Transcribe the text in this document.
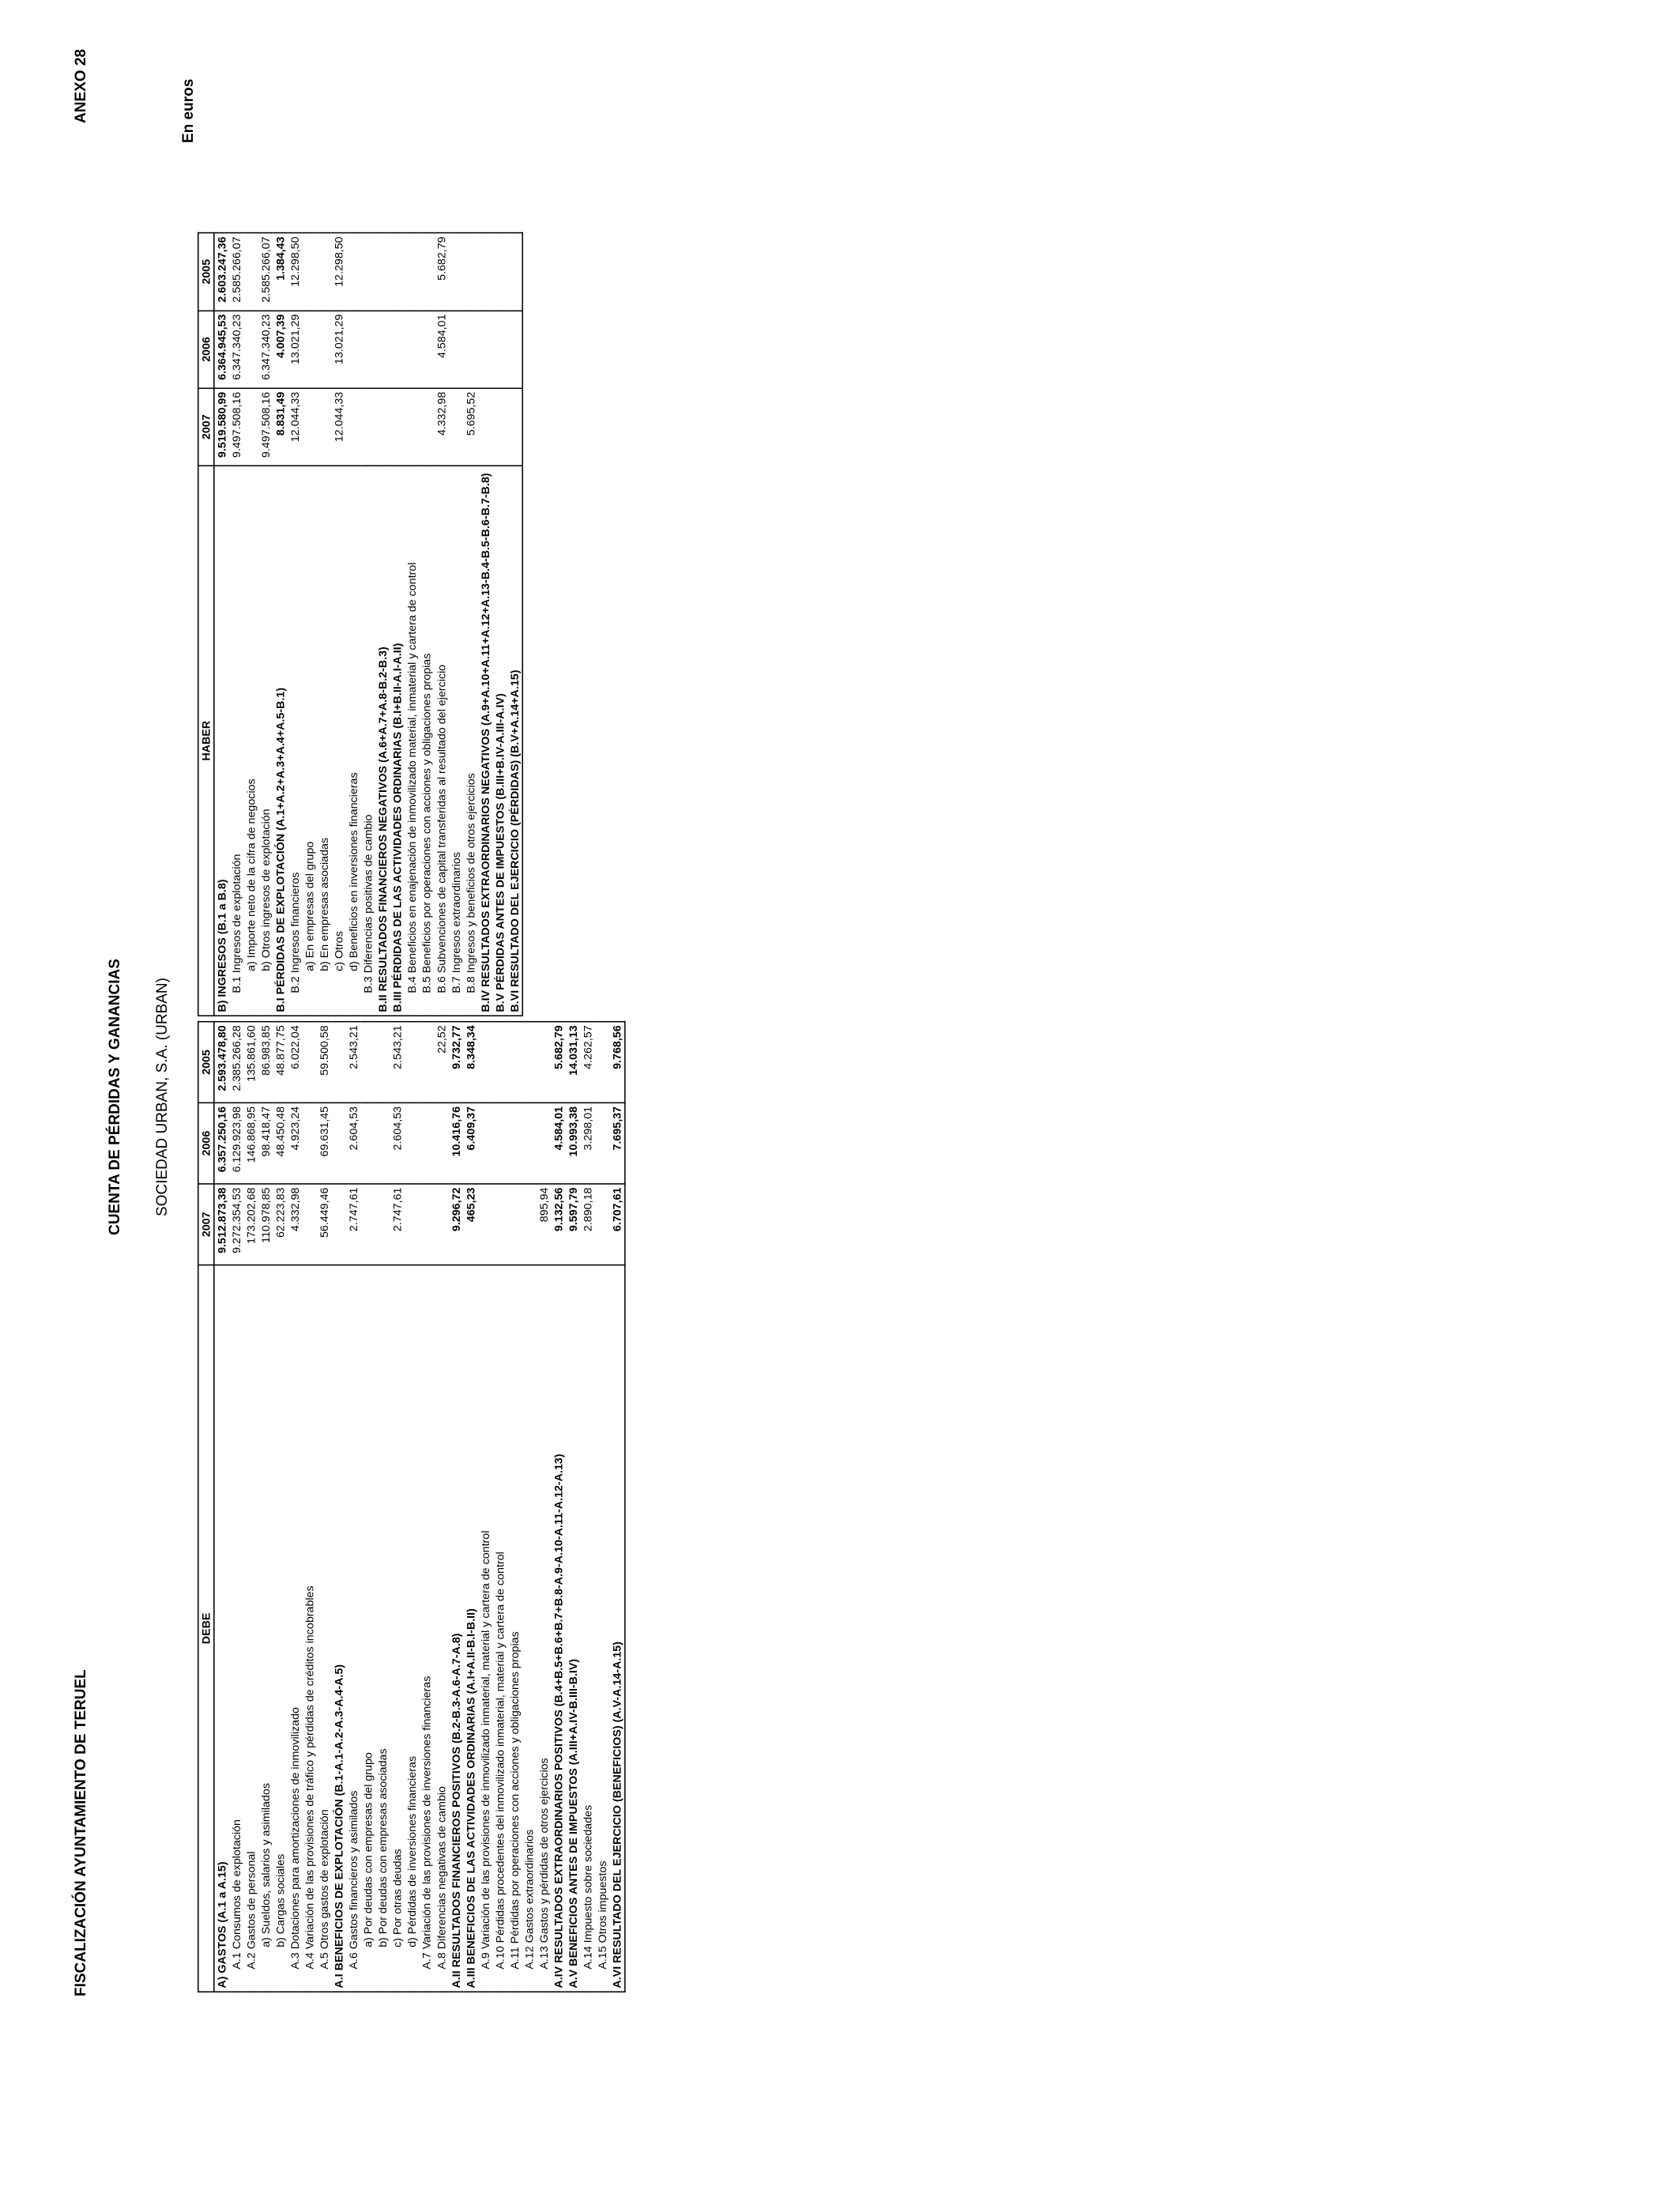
FISCALIZACIÓN AYUNTAMIENTO DE TERUEL
ANEXO 28
CUENTA DE PÉRDIDAS Y GANANCIAS SOCIEDAD URBAN, S.A. (URBAN)
En euros
DEBE	2007	2006	2005
A) GASTOS (A.1 a A.15)	9.512.873,38	6.357.250,16	2.593.478,80
A.1 Consumos de explotación	9.272.354,53	6.129.923,98	2.385.266,28
A.2 Gastos de personal	173.202,68	146.868,95	135.861,60
a) Sueldos, salarios y asimilados	110.978,85	98.418,47	86.983,85
b) Cargas sociales	62.223,83	48.450,48	48.877,75
A.3 Dotaciones para amortizaciones de inmovilizado	4.332,98	4.923,24	6.022,04
A.4 Variación de las provisiones de tráfico y pérdidas de créditos incobrables			
A.5 Otros gastos de explotación	56.449,46	69.631,45	59.500,58
A.I BENEFICIOS DE EXPLOTACIÓN (B.1-A.1-A.2-A.3-A.4-A.5)			
A.6 Gastos financieros y asimilados	2.747,61	2.604,53	2.543,21
a) Por deudas con empresas del grupo			
b) Por deudas con empresas asociadas			
c) Por otras deudas	2.747,61	2.604,53	2.543,21
d) Pérdidas de inversiones financieras			
A.7 Variación de las provisiones de inversiones financieras			
A.8 Diferencias negativas de cambio			22,52
A.II RESULTADOS FINANCIEROS POSITIVOS (B.2-B.3-A.6-A.7-A.8)	9.296,72	10.416,76	9.732,77
A.III BENEFICIOS DE LAS ACTIVIDADES ORDINARIAS (A.I+A.II-B.I-B.II)	465,23	6.409,37	8.348,34
A.9 Variación de las provisiones de inmovilizado inmaterial, material y cartera de control			
A.10 Pérdidas procedentes del inmovilizado inmaterial, material y cartera de control			
A.11 Pérdidas por operaciones con acciones y obligaciones propias			
A.12 Gastos extraordinarios			
A.13 Gastos y pérdidas de otros ejercicios	895,94		
A.IV RESULTADOS EXTRAORDINARIOS POSITIVOS (B.4+B.5+B.6+B.7+B.8-A.9-A.10-A.11-A.12-A.13)	9.132,56	4.584,01	5.682,79
A.V BENEFICIOS ANTES DE IMPUESTOS (A.III+A.IV-B.III-B.IV)	9.597,79	10.993,38	14.031,13
A.14 Impuesto sobre sociedades	2.890,18	3.298,01	4.262,57
A.15 Otros impuestos			
A.VI RESULTADO DEL EJERCICIO (BENEFICIOS) (A.V-A.14-A.15)	6.707,61	7.695,37	9.768,56
HABER	2007	2006	2005
B) INGRESOS (B.1 a B.8)	9.519.580,99	6.364.945,53	2.603.247,36
B.1 Ingresos de explotación	9.497.508,16	6.347.340,23	2.585.266,07
a) Importe neto de la cifra de negocios			
b) Otros ingresos de explotación	9.497.508,16	6.347.340,23	2.585.266,07
B.I PÉRDIDAS DE EXPLOTACIÓN (A.1+A.2+A.3+A.4+A.5-B.1)	8.831,49	4.007,39	1.384,43
B.2 Ingresos financieros	12.044,33	13.021,29	12.298,50
a) En empresas del grupo			
b) En empresas asociadas			
c) Otros	12.044,33	13.021,29	12.298,50
d) Beneficios en inversiones financieras			
B.3 Diferencias positivas de cambio			
B.II RESULTADOS FINANCIEROS NEGATIVOS (A.6+A.7+A.8-B.2-B.3)			
B.III PÉRDIDAS DE LAS ACTIVIDADES ORDINARIAS (B.I+B.II-A.I-A.II)			
B.4 Beneficios en enajenación de inmovilizado material, inmaterial y cartera de control			
B.5 Beneficios por operaciones con acciones y obligaciones propias			
B.6 Subvenciones de capital transferidas al resultado del ejercicio	4.332,98	4.584,01	5.682,79
B.7 Ingresos extraordinarios			
B.8 Ingresos y beneficios de otros ejercicios	5.695,52		
B.IV RESULTADOS EXTRAORDINARIOS NEGATIVOS (A.9+A.10+A.11+A.12+A.13-B.4-B.5-B.6-B.7-B.8)			
B.V PÉRDIDAS ANTES DE IMPUESTOS (B.III+B.IV-A.III-A.IV)			
B.VI RESULTADO DEL EJERCICIO (PÉRDIDAS) (B.V+A.14+A.15)			
